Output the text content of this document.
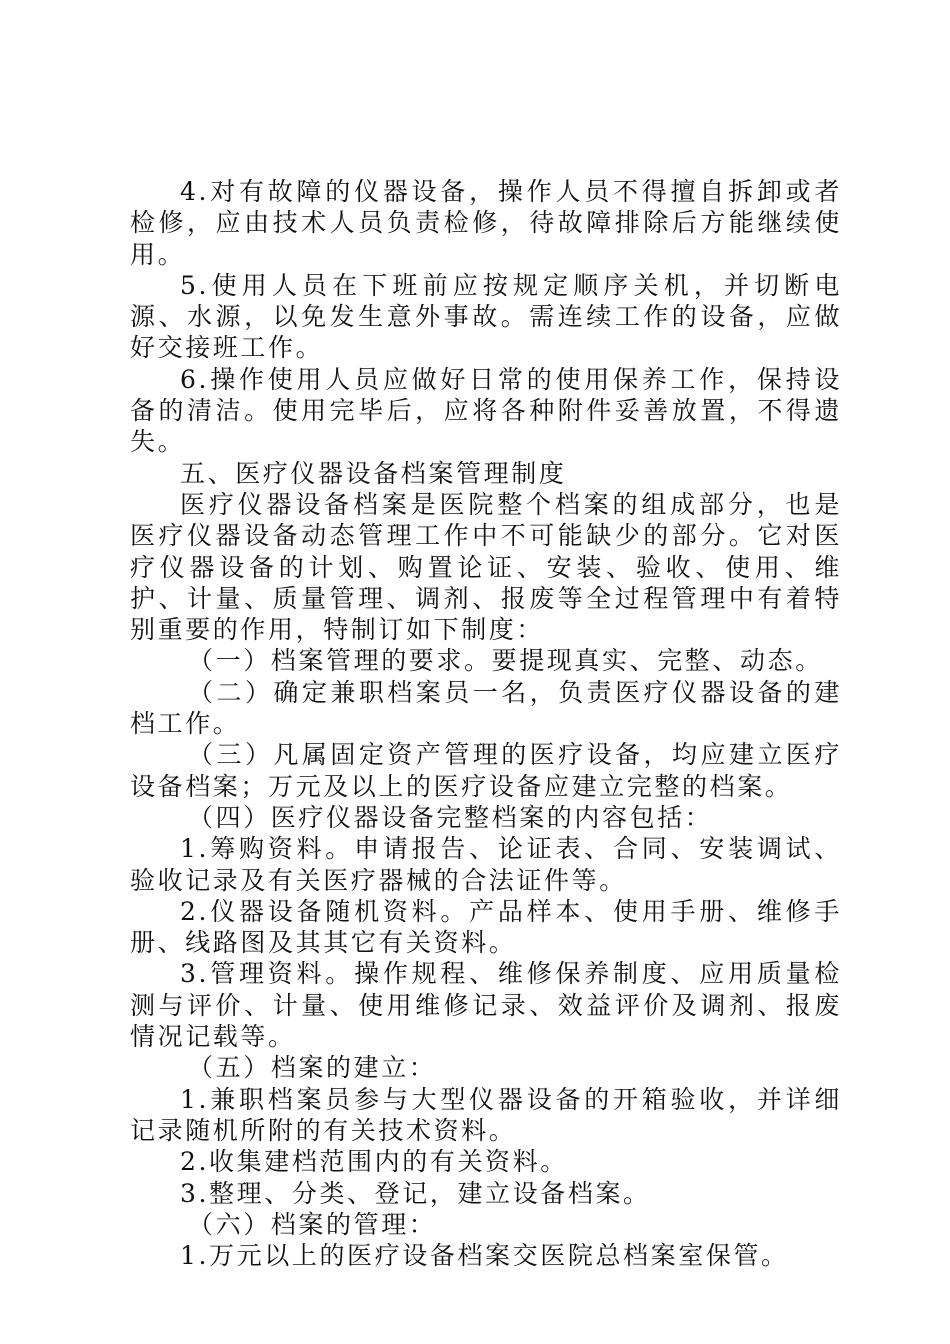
4.对有故障的仪器设备，操作人员不得擅自拆卸或者检修，应由技术人员负责检修，待故障排除后方能继续使用。

5.使用人员在下班前应按规定顺序关机，并切断电源、水源，以免发生意外事故。需连续工作的设备，应做好交接班工作。

6.操作使用人员应做好日常的使用保养工作，保持设备的清洁。使用完毕后，应将各种附件妥善放置，不得遗失。

五、医疗仪器设备档案管理制度

医疗仪器设备档案是医院整个档案的组成部分，也是医疗仪器设备动态管理工作中不可能缺少的部分。它对医疗仪器设备的计划、购置论证、安装、验收、使用、维护、计量、质量管理、调剂、报废等全过程管理中有着特别重要的作用，特制订如下制度：

（一）档案管理的要求。要提现真实、完整、动态。

（二）确定兼职档案员一名，负责医疗仪器设备的建档工作。

（三）凡属固定资产管理的医疗设备，均应建立医疗设备档案；万元及以上的医疗设备应建立完整的档案。

（四）医疗仪器设备完整档案的内容包括：

1.筹购资料。申请报告、论证表、合同、安装调试、验收记录及有关医疗器械的合法证件等。

2.仪器设备随机资料。产品样本、使用手册、维修手册、线路图及其其它有关资料。

3.管理资料。操作规程、维修保养制度、应用质量检测与评价、计量、使用维修记录、效益评价及调剂、报废情况记载等。

（五）档案的建立：

1.兼职档案员参与大型仪器设备的开箱验收，并详细记录随机所附的有关技术资料。

2.收集建档范围内的有关资料。

3.整理、分类、登记，建立设备档案。

（六）档案的管理：

1.万元以上的医疗设备档案交医院总档案室保管。
